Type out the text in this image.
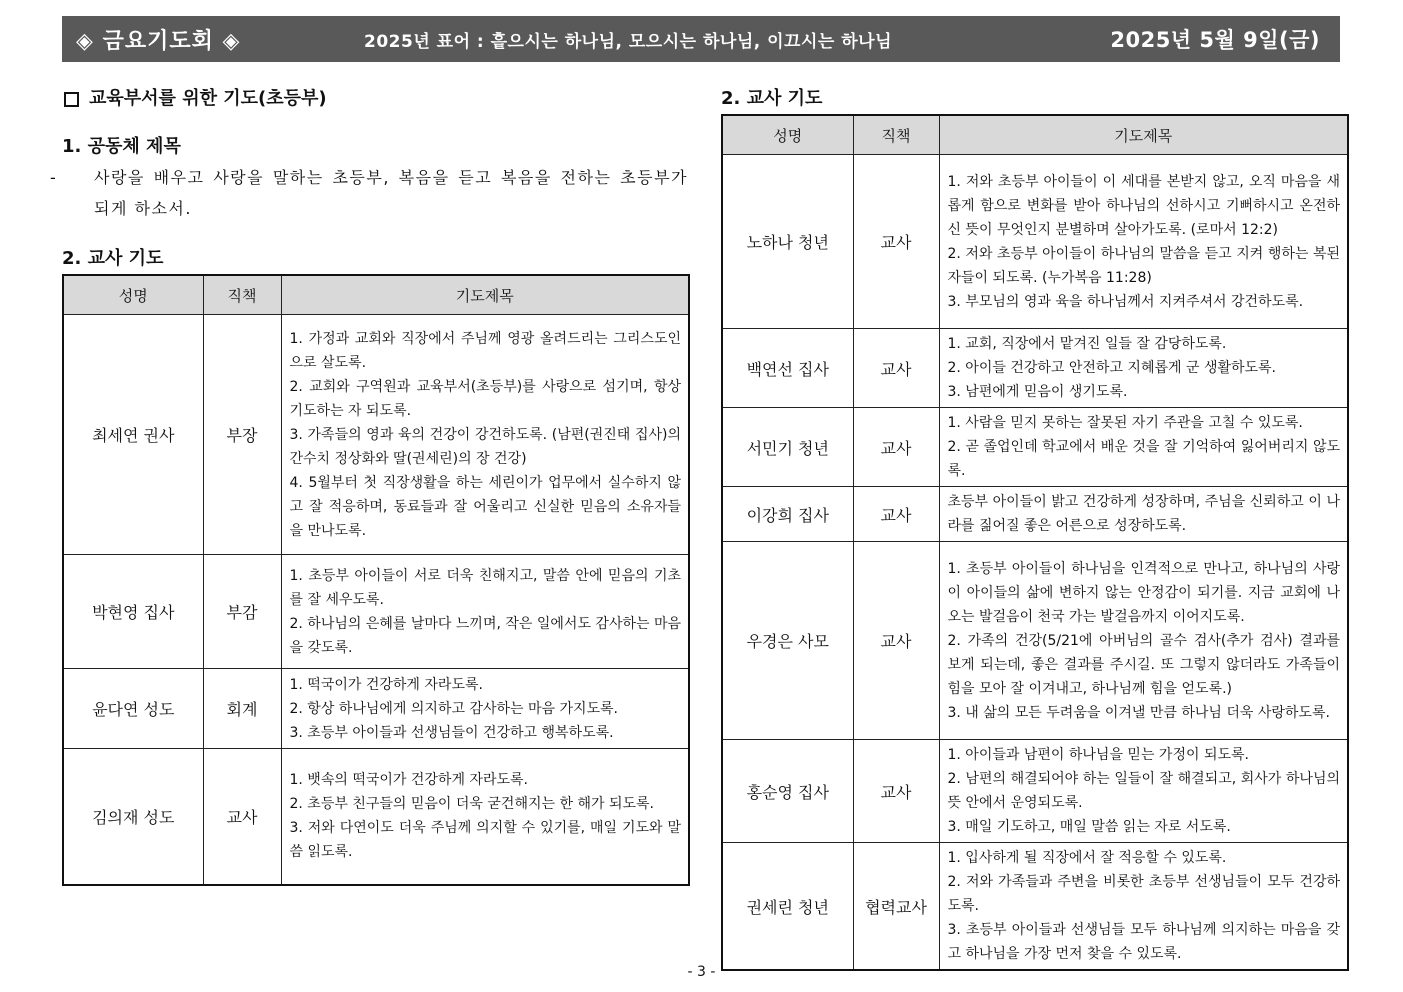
◈ 금요기도회 ◈	2025년 표어 : 흩으시는 하나님, 모으시는 하나님, 이끄시는 하나님	2025년 5월 9일(금)
교육부서를 위한 기도(초등부)
1. 공동체 제목
- 사랑을 배우고 사랑을 말하는 초등부, 복음을 듣고 복음을 전하는 초등부가 되게 하소서.
2. 교사 기도
성명	직책	기도제목
최세연 권사	부장	1. 가정과 교회와 직장에서 주님께 영광 올려드리는 그리스도인으로 살도록.
2. 교회와 구역원과 교육부서(초등부)를 사랑으로 섬기며, 항상 기도하는 자 되도록.
3. 가족들의 영과 육의 건강이 강건하도록. (남편(권진태 집사)의 간수치 정상화와 딸(권세린)의 장 건강)
4. 5월부터 첫 직장생활을 하는 세린이가 업무에서 실수하지 않고 잘 적응하며, 동료들과 잘 어울리고 신실한 믿음의 소유자들을 만나도록.

박현영 집사	부감	1. 초등부 아이들이 서로 더욱 친해지고, 말씀 안에 믿음의 기초를 잘 세우도록.
2. 하나님의 은혜를 날마다 느끼며, 작은 일에서도 감사하는 마음을 갖도록.

윤다연 성도	회계	1. 떡국이가 건강하게 자라도록.
2. 항상 하나님에게 의지하고 감사하는 마음 가지도록.
3. 초등부 아이들과 선생님들이 건강하고 행복하도록.

김의재 성도	교사	1. 뱃속의 떡국이가 건강하게 자라도록.
2. 초등부 친구들의 믿음이 더욱 굳건해지는 한 해가 되도록.
3. 저와 다연이도 더욱 주님께 의지할 수 있기를, 매일 기도와 말씀 읽도록.
2. 교사 기도
성명	직책	기도제목
노하나 청년	교사	1. 저와 초등부 아이들이 이 세대를 본받지 않고, 오직 마음을 새롭게 함으로 변화를 받아 하나님의 선하시고 기뻐하시고 온전하신 뜻이 무엇인지 분별하며 살아가도록. (로마서 12:2)
2. 저와 초등부 아이들이 하나님의 말씀을 듣고 지켜 행하는 복된 자들이 되도록. (누가복음 11:28)
3. 부모님의 영과 육을 하나님께서 지켜주셔서 강건하도록.

백연선 집사	교사	1. 교회, 직장에서 맡겨진 일들 잘 감당하도록.
2. 아이들 건강하고 안전하고 지혜롭게 군 생활하도록.
3. 남편에게 믿음이 생기도록.

서민기 청년	교사	1. 사람을 믿지 못하는 잘못된 자기 주관을 고칠 수 있도록.
2. 곧 졸업인데 학교에서 배운 것을 잘 기억하여 잃어버리지 않도록.

이강희 집사	교사	초등부 아이들이 밝고 건강하게 성장하며, 주님을 신뢰하고 이 나라를 짊어질 좋은 어른으로 성장하도록.

우경은 사모	교사	1. 초등부 아이들이 하나님을 인격적으로 만나고, 하나님의 사랑이 아이들의 삶에 변하지 않는 안정감이 되기를. 지금 교회에 나오는 발걸음이 천국 가는 발걸음까지 이어지도록.
2. 가족의 건강(5/21에 아버님의 골수 검사(추가 검사) 결과를 보게 되는데, 좋은 결과를 주시길. 또 그렇지 않더라도 가족들이 힘을 모아 잘 이겨내고, 하나님께 힘을 얻도록.)
3. 내 삶의 모든 두려움을 이겨낼 만큼 하나님 더욱 사랑하도록.

홍순영 집사	교사	1. 아이들과 남편이 하나님을 믿는 가정이 되도록.
2. 남편의 해결되어야 하는 일들이 잘 해결되고, 회사가 하나님의 뜻 안에서 운영되도록.
3. 매일 기도하고, 매일 말씀 읽는 자로 서도록.

권세린 청년	협력교사	1. 입사하게 될 직장에서 잘 적응할 수 있도록.
2. 저와 가족들과 주변을 비롯한 초등부 선생님들이 모두 건강하도록.
3. 초등부 아이들과 선생님들 모두 하나님께 의지하는 마음을 갖고 하나님을 가장 먼저 찾을 수 있도록.
- 3 -
